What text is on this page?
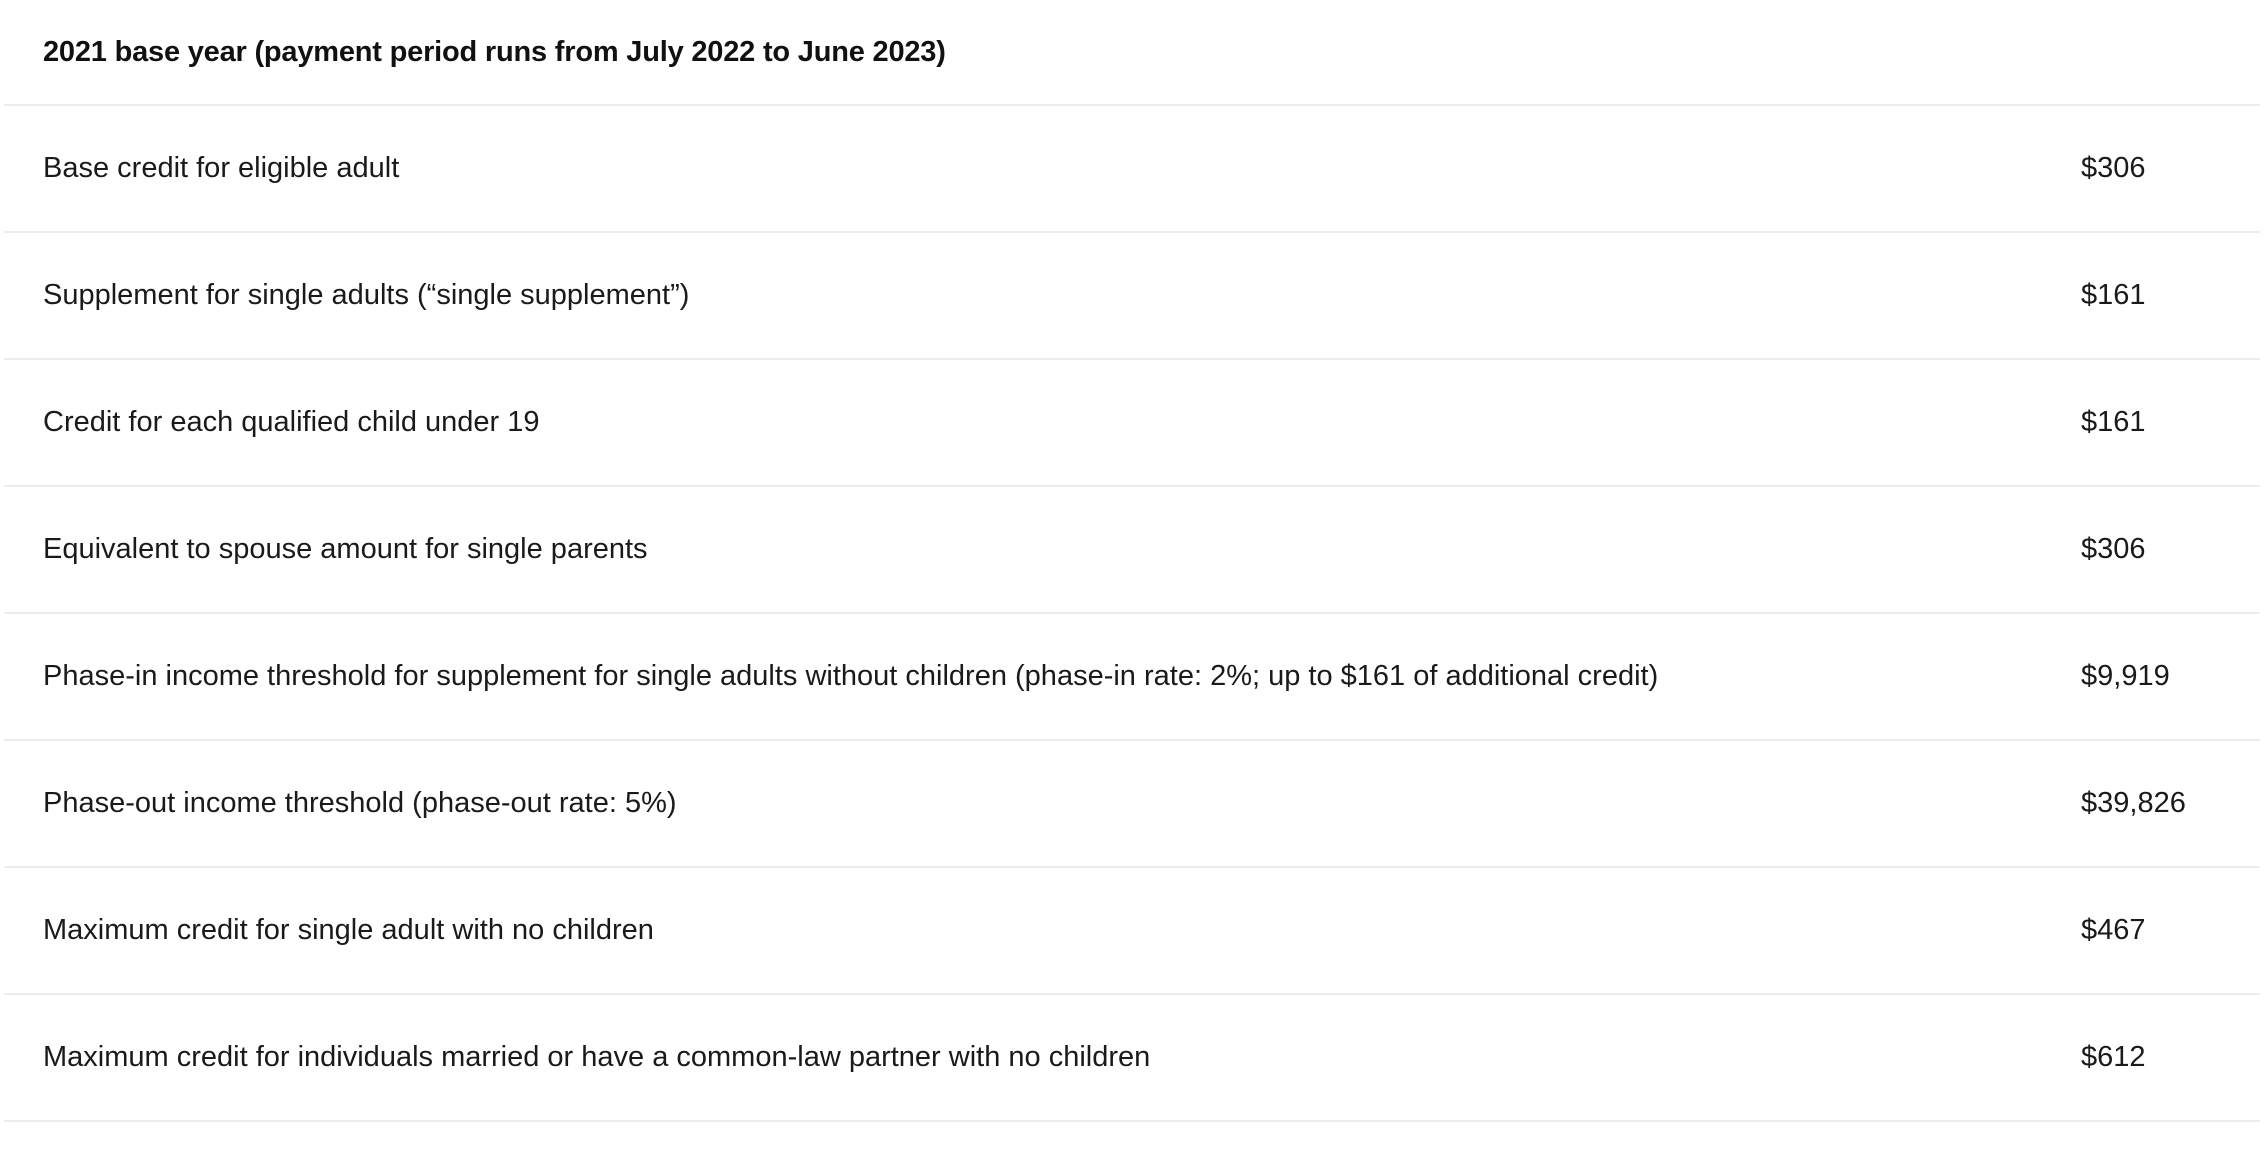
2021 base year (payment period runs from July 2022 to June 2023)
Base credit for eligible adult	$306
Supplement for single adults (“single supplement”)	$161
Credit for each qualified child under 19	$161
Equivalent to spouse amount for single parents	$306
Phase-in income threshold for supplement for single adults without children (phase-in rate: 2%; up to $161 of additional credit)	$9,919
Phase-out income threshold (phase-out rate: 5%)	$39,826
Maximum credit for single adult with no children	$467
Maximum credit for individuals married or have a common-law partner with no children	$612
